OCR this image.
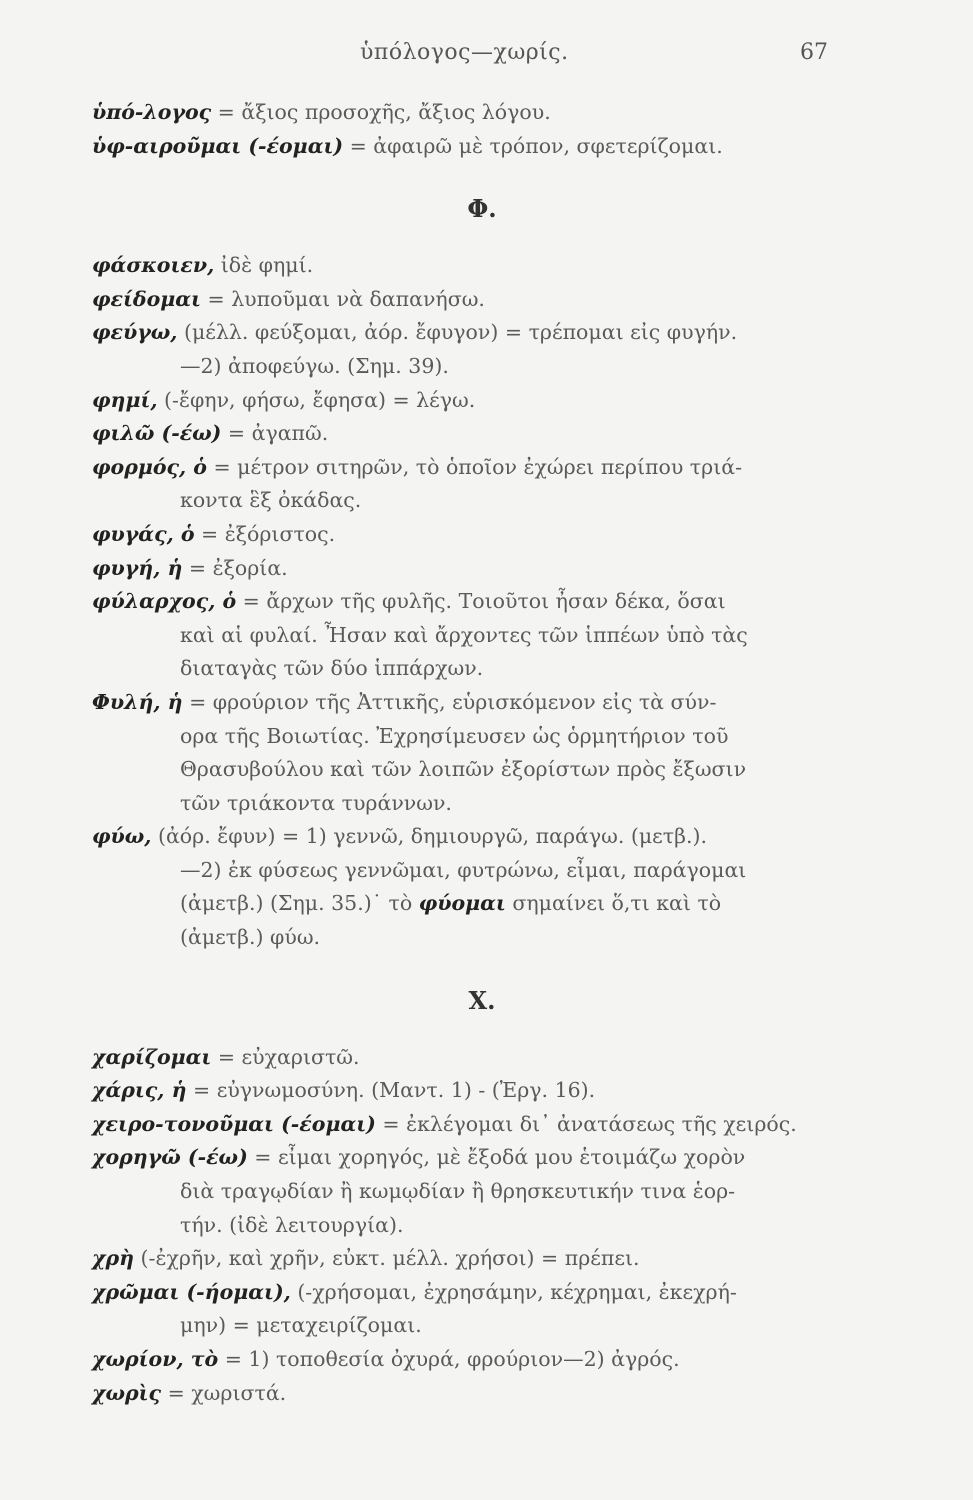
ὑπόλογος—χωρίς.	67

ὑπό-λογος = ἄξιος προσοχῆς, ἄξιος λόγου.

ὑφ-αιροῦμαι (-έομαι) = ἀφαιρῶ μὲ τρόπον, σφετερίζομαι.

Φ.

φάσκοιεν, ἰδὲ φημί.

φείδομαι = λυποῦμαι νὰ δαπανήσω.

φεύγω, (μέλλ. φεύξομαι, ἀόρ. ἔφυγον) = τρέπομαι εἰς φυγήν.
—2) ἀποφεύγω. (Σημ. 39).

φημί, (-ἔφην, φήσω, ἔφησα) = λέγω.

φιλῶ (-έω) = ἀγαπῶ.

φορμός, ὁ = μέτρον σιτηρῶν, τὸ ὁποῖον ἐχώρει περίπου τριά-
κοντα ἓξ ὀκάδας.

φυγάς, ὁ = ἐξόριστος.

φυγή, ἡ = ἐξορία.

φύλαρχος, ὁ = ἄρχων τῆς φυλῆς. Τοιοῦτοι ἦσαν δέκα, ὅσαι
καὶ αἱ φυλαί. Ἦσαν καὶ ἄρχοντες τῶν ἱππέων ὑπὸ τὰς
διαταγὰς τῶν δύο ἱππάρχων.

Φυλή, ἡ = φρούριον τῆς Ἀττικῆς, εὑρισκόμενον εἰς τὰ σύν-
ορα τῆς Βοιωτίας. Ἐχρησίμευσεν ὡς ὁρμητήριον τοῦ
Θρασυβούλου καὶ τῶν λοιπῶν ἐξορίστων πρὸς ἔξωσιν
τῶν τριάκοντα τυράννων.

φύω, (ἀόρ. ἔφυν) = 1) γεννῶ, δημιουργῶ, παράγω. (μετβ.).
—2) ἐκ φύσεως γεννῶμαι, φυτρώνω, εἶμαι, παράγομαι
(ἀμετβ.) (Σημ. 35.)˙ τὸ φύομαι σημαίνει ὅ,τι καὶ τὸ
(ἀμετβ.) φύω.

Χ.

χαρίζομαι = εὐχαριστῶ.

χάρις, ἡ = εὐγνωμοσύνη. (Μαντ. 1) - (Ἐργ. 16).

χειρο-τονοῦμαι (-έομαι) = ἐκλέγομαι δι᾽ ἀνατάσεως τῆς χειρός.

χορηγῶ (-έω) = εἶμαι χορηγός, μὲ ἔξοδά μου ἑτοιμάζω χορὸν
διὰ τραγῳδίαν ἢ κωμῳδίαν ἢ θρησκευτικήν τινα ἑορ-
τήν. (ἰδὲ λειτουργία).

χρὴ (-ἐχρῆν, καὶ χρῆν, εὐκτ. μέλλ. χρήσοι) = πρέπει.

χρῶμαι (-ήομαι), (-χρήσομαι, ἐχρησάμην, κέχρημαι, ἐκεχρή-
μην) = μεταχειρίζομαι.

χωρίον, τὸ = 1) τοποθεσία ὀχυρά, φρούριον—2) ἀγρός.

χωρὶς = χωριστά.
